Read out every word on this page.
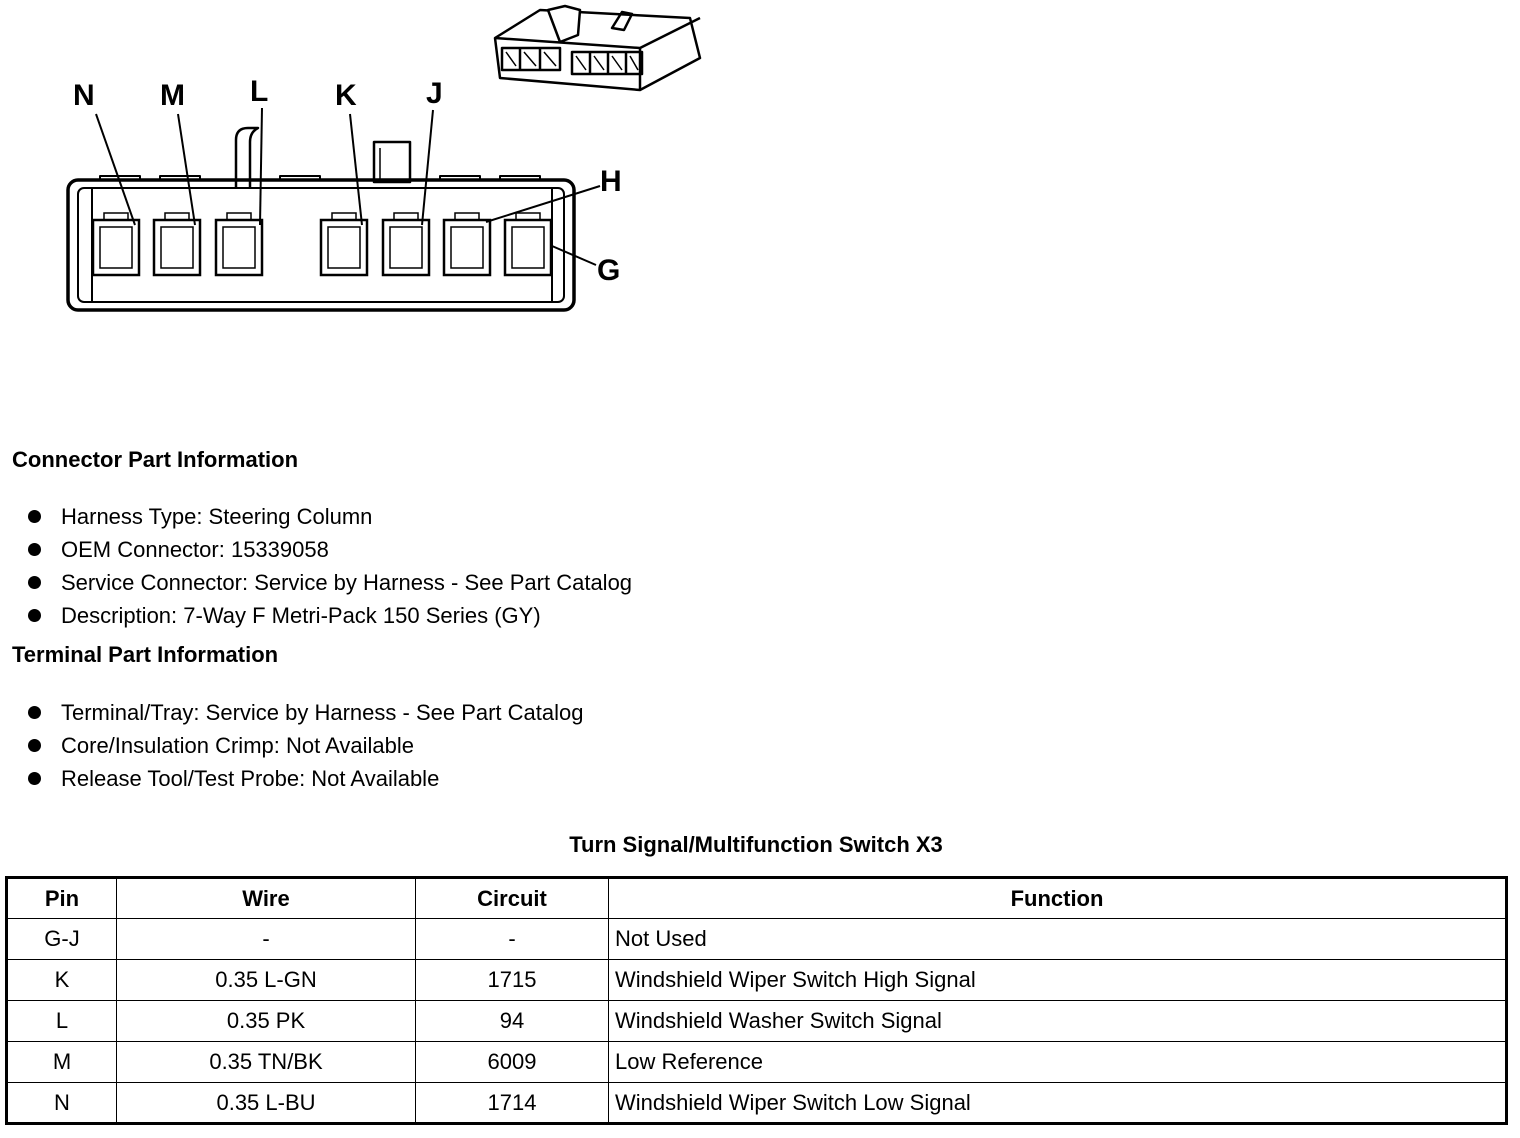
N M L K J
H
G
Connector Part Information
Harness Type: Steering Column
OEM Connector: 15339058
Service Connector: Service by Harness - See Part Catalog
Description: 7-Way F Metri-Pack 150 Series (GY)
Terminal Part Information
Terminal/Tray: Service by Harness - See Part Catalog
Core/Insulation Crimp: Not Available
Release Tool/Test Probe: Not Available
Turn Signal/Multifunction Switch X3
Pin	Wire	Circuit	Function
G-J	-	-	Not Used
K	0.35 L-GN	1715	Windshield Wiper Switch High Signal
L	0.35 PK	94	Windshield Washer Switch Signal
M	0.35 TN/BK	6009	Low Reference
N	0.35 L-BU	1714	Windshield Wiper Switch Low Signal
